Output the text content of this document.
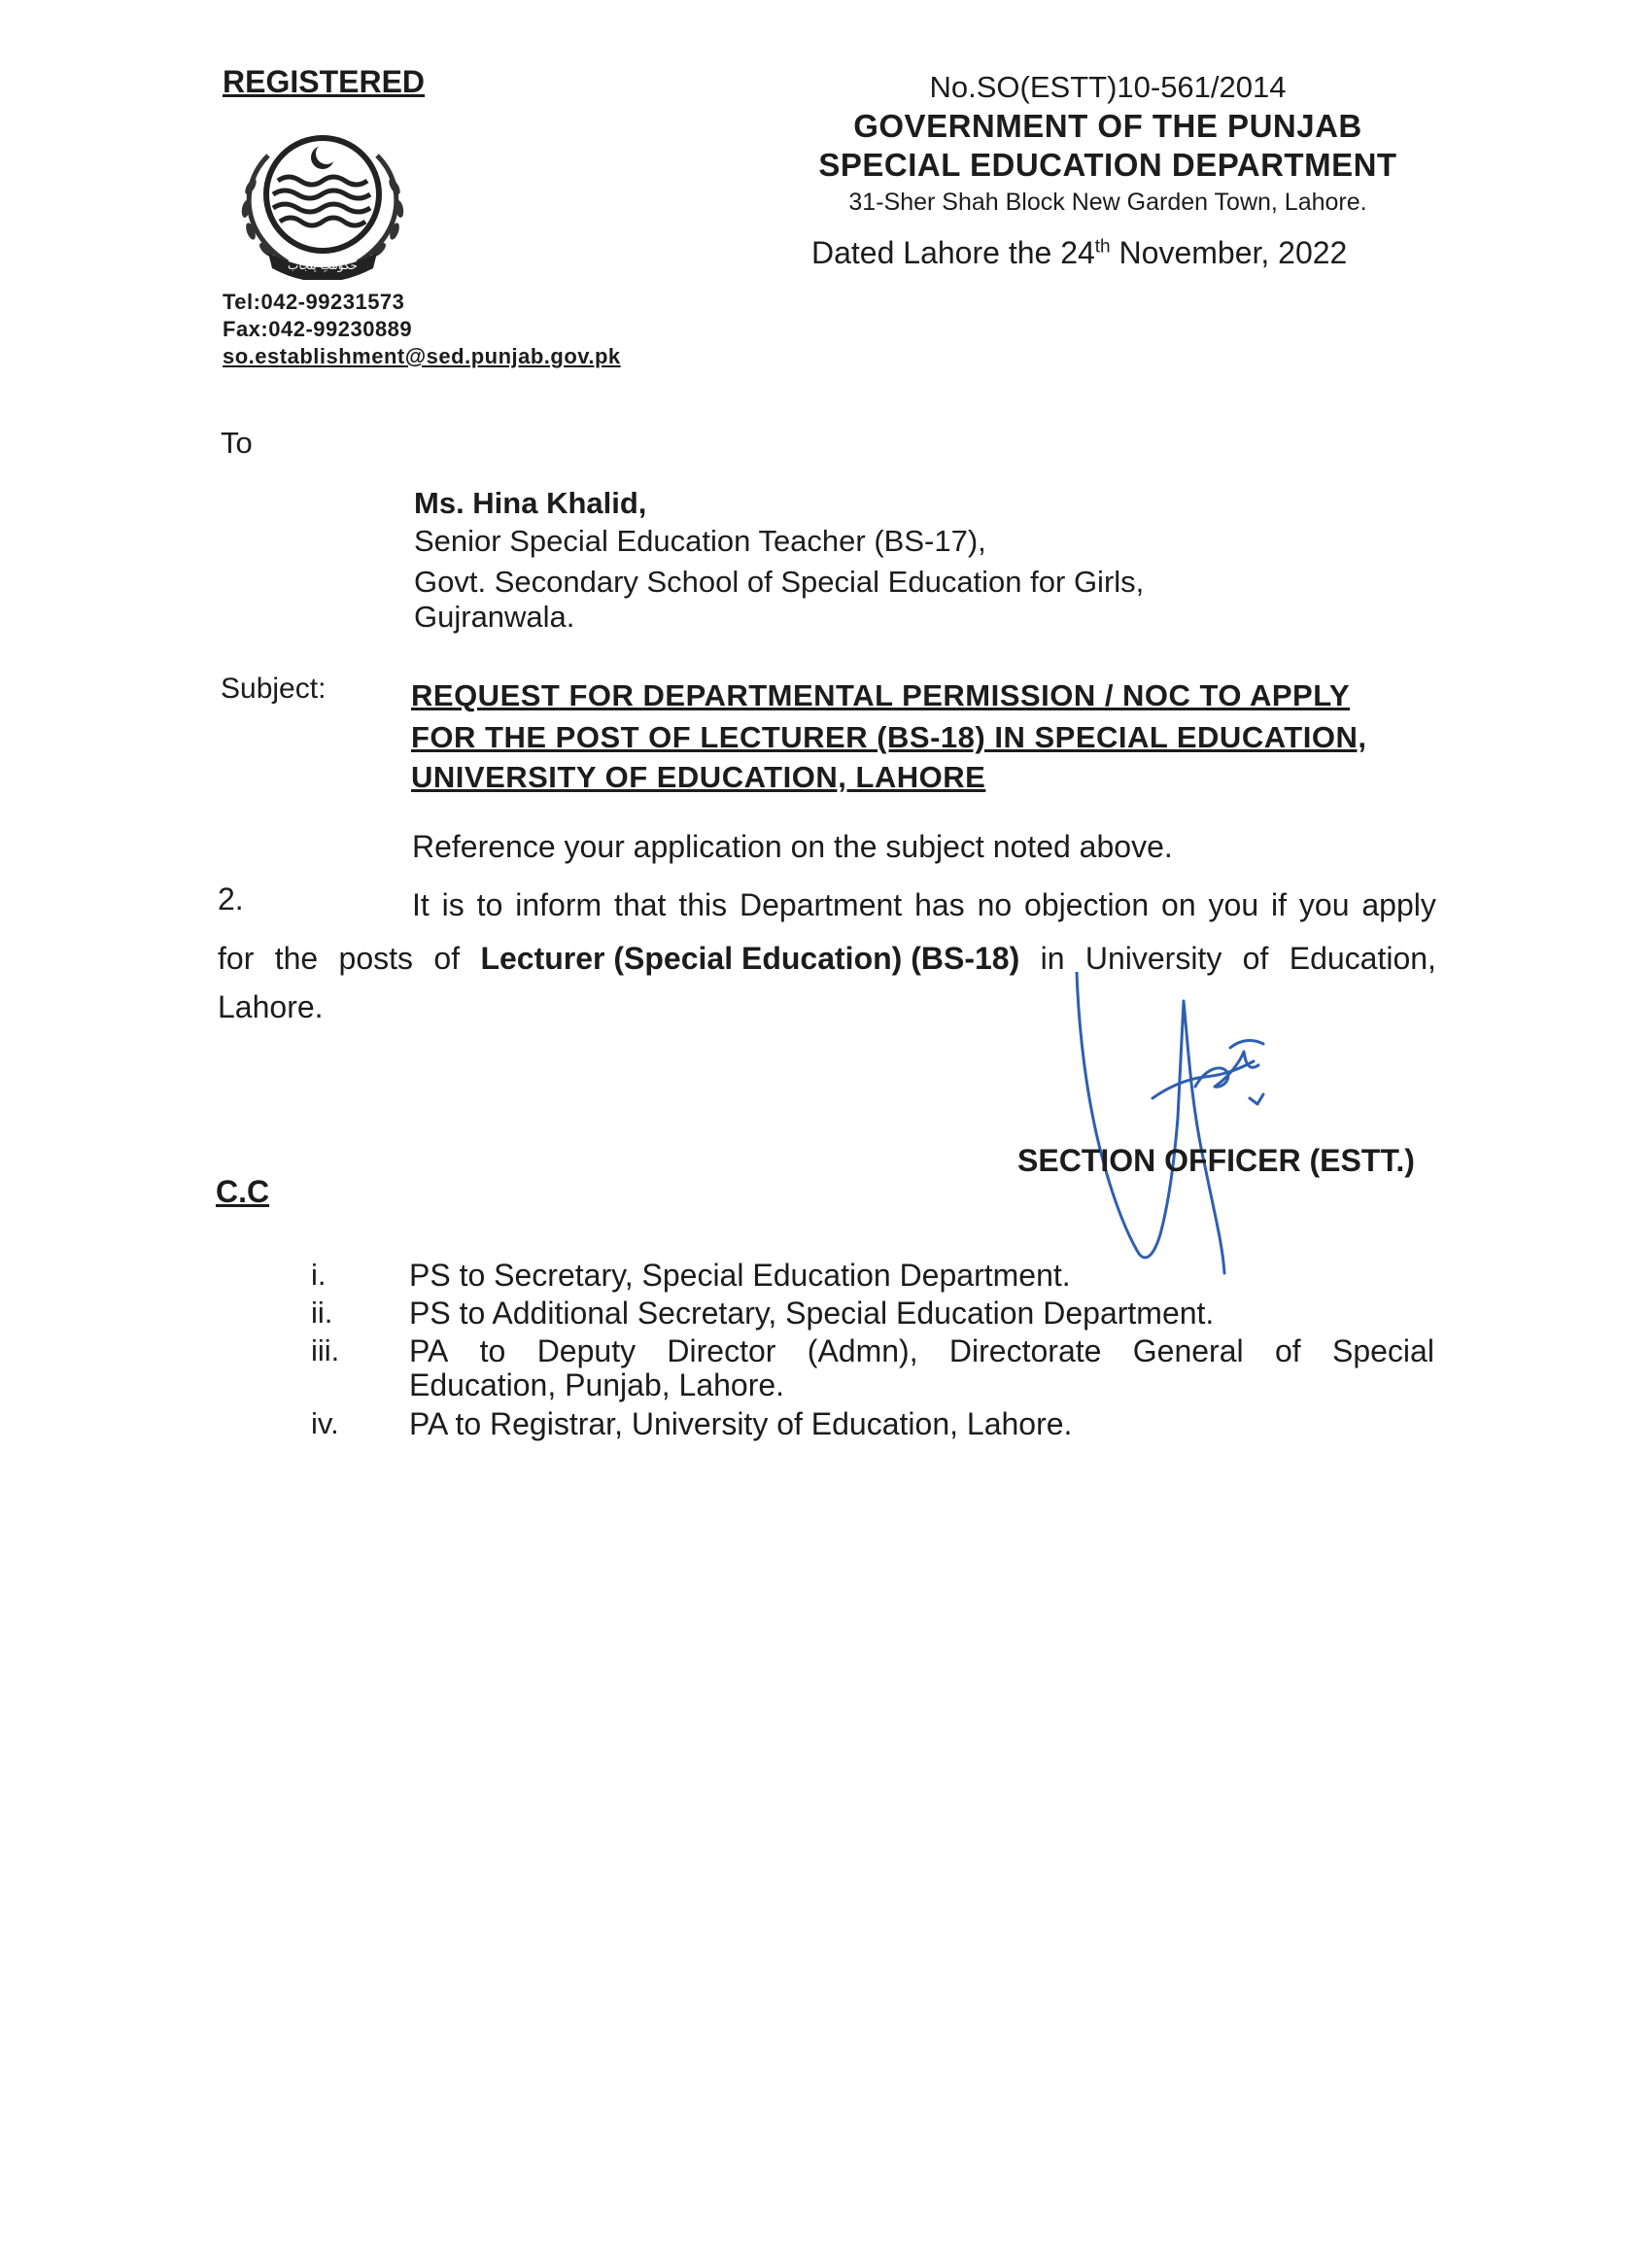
REGISTERED
حکومتِ پنجاب
Tel:042-99231573
Fax:042-99230889
so.establishment@sed.punjab.gov.pk
No.SO(ESTT)10-561/2014
GOVERNMENT OF THE PUNJAB
SPECIAL EDUCATION DEPARTMENT
31-Sher Shah Block New Garden Town, Lahore.
Dated Lahore the 24th November, 2022
To
Ms. Hina Khalid,
Senior Special Education Teacher (BS-17),
Govt. Secondary School of Special Education for Girls,
Gujranwala.
Subject:	REQUEST FOR DEPARTMENTAL PERMISSION / NOC TO APPLY
FOR THE POST OF LECTURER (BS-18) IN SPECIAL EDUCATION,
UNIVERSITY OF EDUCATION, LAHORE
Reference your application on the subject noted above.
2.	It is to inform that this Department has no objection on you if you apply
for the posts of Lecturer (Special Education) (BS-18) in University of Education,
Lahore.
SECTION OFFICER (ESTT.)
C.C
i.	PS to Secretary, Special Education Department.
ii. PS to Additional Secretary, Special Education Department.
iii. PA to Deputy Director (Admn), Directorate General of Special
Education, Punjab, Lahore.
iv. PA to Registrar, University of Education, Lahore.
